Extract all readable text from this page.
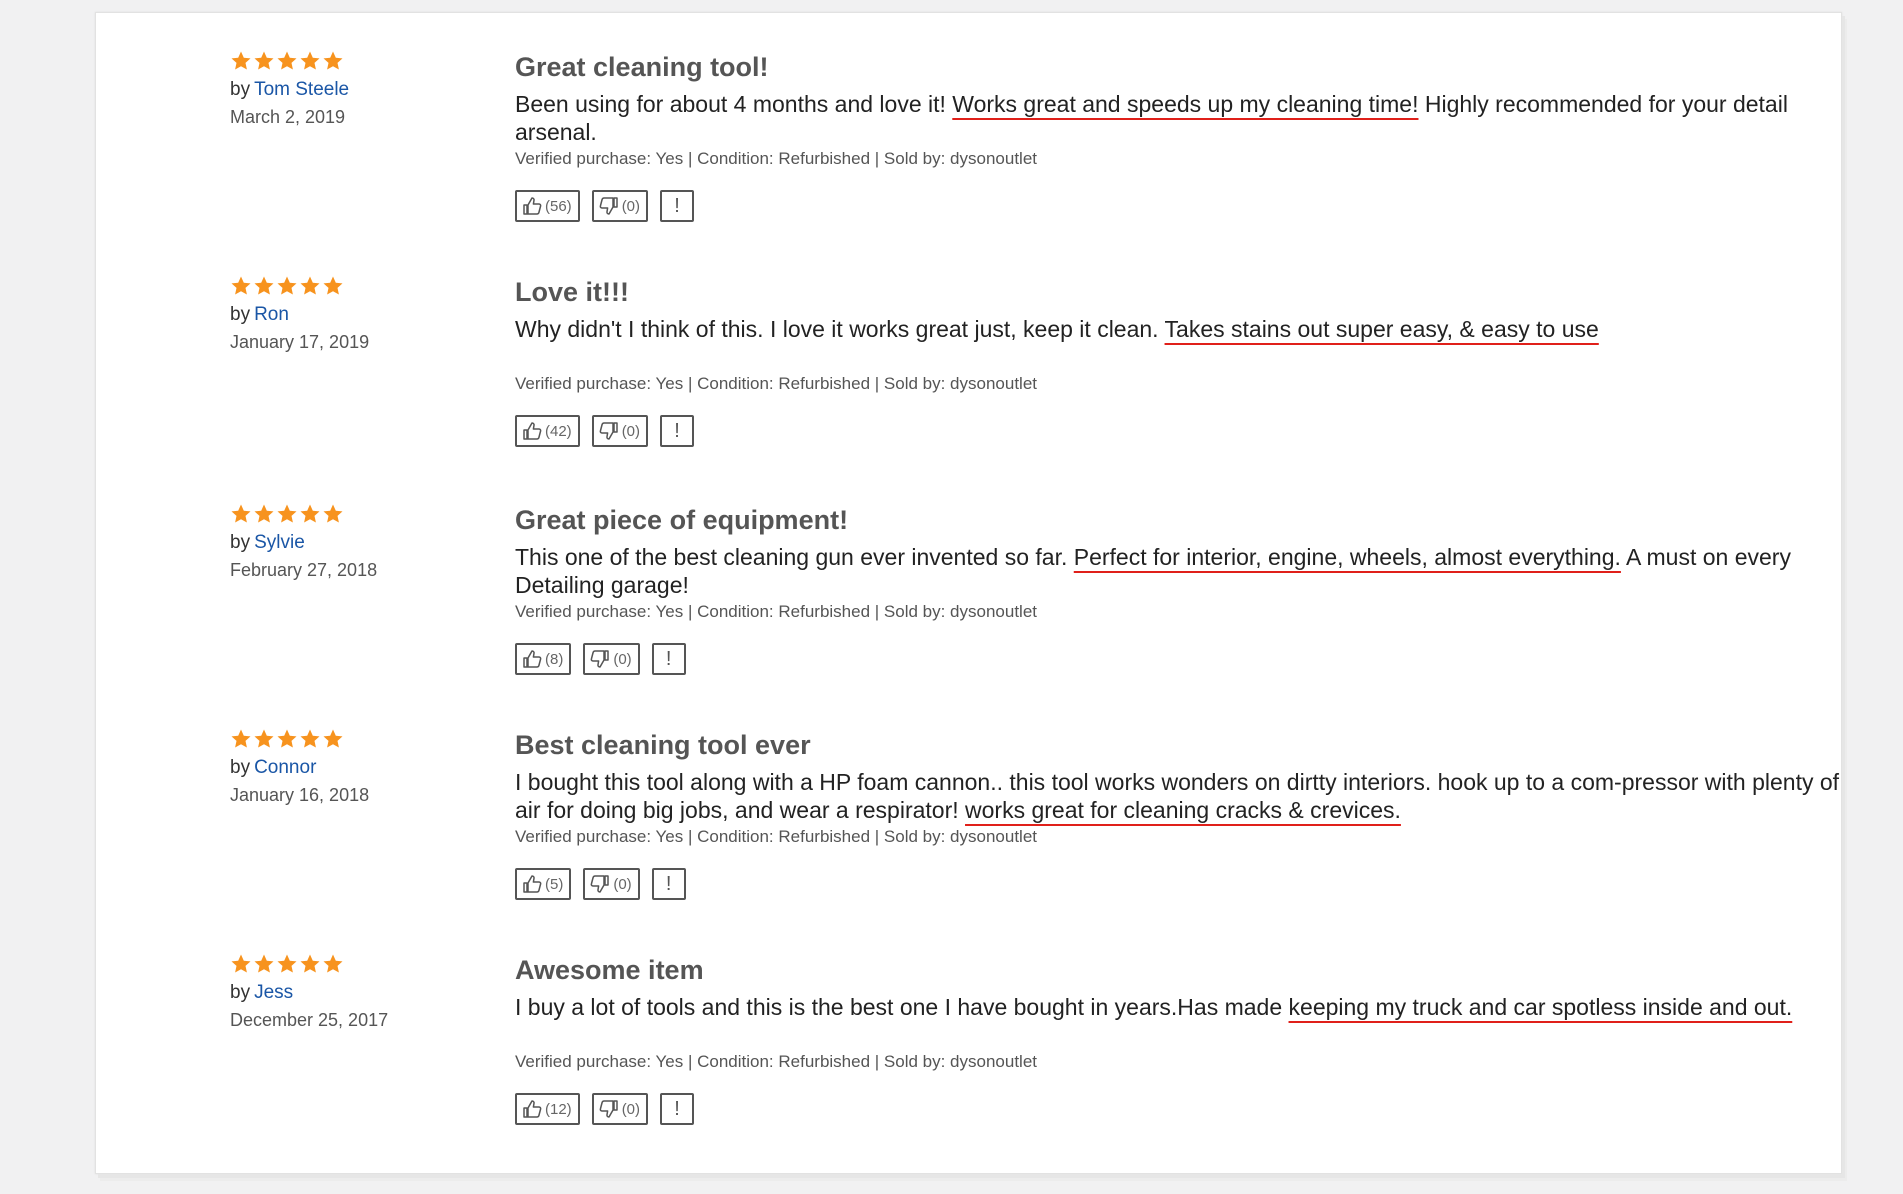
by Tom Steele
March 2, 2019
Great cleaning tool!
Been using for about 4 months and love it! Works great and speeds up my cleaning time! Highly recommended for your detail arsenal.
Verified purchase: Yes | Condition: Refurbished | Sold by: dysonoutlet
(56)	(0) !
by Ron
January 17, 2019
Love it!!!
Why didn't I think of this. I love it works great just, keep it clean. Takes stains out super easy, & easy to use
Verified purchase: Yes | Condition: Refurbished | Sold by: dysonoutlet
(42)	(0) !
by Sylvie
February 27, 2018
Great piece of equipment!
This one of the best cleaning gun ever invented so far. Perfect for interior, engine, wheels, almost everything. A must on every Detailing garage!
Verified purchase: Yes | Condition: Refurbished | Sold by: dysonoutlet
(8)	(0) !
by Connor
January 16, 2018
Best cleaning tool ever
I bought this tool along with a HP foam cannon.. this tool works wonders on dirtty interiors. hook up to a com-pressor with plenty of air for doing big jobs, and wear a respirator! works great for cleaning cracks & crevices.
Verified purchase: Yes | Condition: Refurbished | Sold by: dysonoutlet
(5)	(0) !
by Jess
December 25, 2017
Awesome item
I buy a lot of tools and this is the best one I have bought in years.Has made keeping my truck and car spotless inside and out.
Verified purchase: Yes | Condition: Refurbished | Sold by: dysonoutlet
(12)	(0) !
